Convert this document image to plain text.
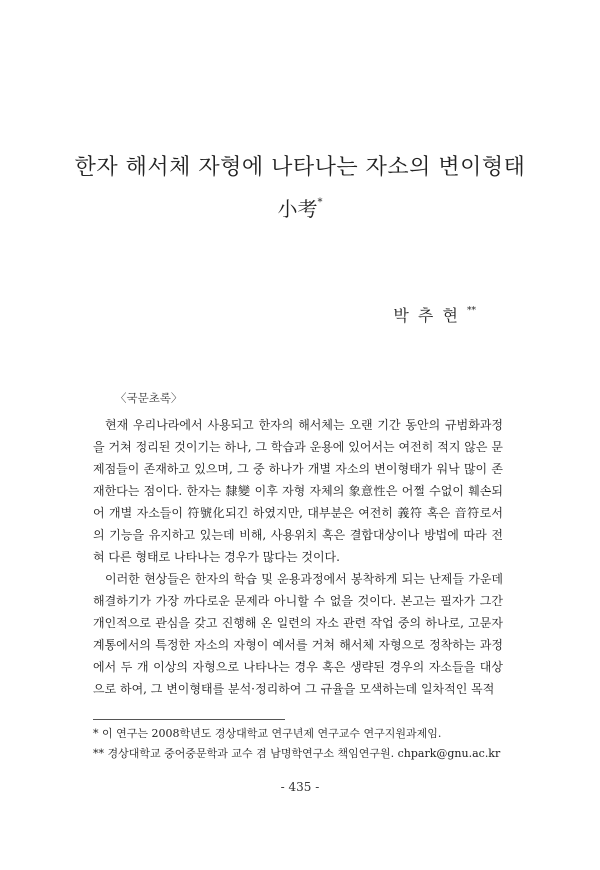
한자 해서체 자형에 나타나는 자소의 변이형태
小考*
박 추 현 **
〈국문초록〉

현재 우리나라에서 사용되고 한자의 해서체는 오랜 기간 동안의 규범화과정을 거쳐 정리된 것이기는 하나, 그 학습과 운용에 있어서는 여전히 적지 않은 문제점들이 존재하고 있으며, 그 중 하나가 개별 자소의 변이형태가 워낙 많이 존재한다는 점이다. 한자는 隸變 이후 자형 자체의 象意性은 어쩔 수없이 훼손되어 개별 자소들이 符號化되긴 하였지만, 대부분은 여전히 義符 혹은 音符로서의 기능을 유지하고 있는데 비해, 사용위치 혹은 결합대상이나 방법에 따라 전혀 다른 형태로 나타나는 경우가 많다는 것이다.

이러한 현상들은 한자의 학습 및 운용과정에서 봉착하게 되는 난제들 가운데 해결하기가 가장 까다로운 문제라 아니할 수 없을 것이다. 본고는 필자가 그간 개인적으로 관심을 갖고 진행해 온 일련의 자소 관련 작업 중의 하나로, 고문자 계통에서의 특정한 자소의 자형이 예서를 거쳐 해서체 자형으로 정착하는 과정에서 두 개 이상의 자형으로 나타나는 경우 혹은 생략된 경우의 자소들을 대상으로 하여, 그 변이형태를 분석·정리하여 그 규율을 모색하는데 일차적인 목적

* 이 연구는 2008학년도 경상대학교 연구년제 연구교수 연구지원과제임.
** 경상대학교 중어중문학과 교수 겸 남명학연구소 책임연구원. chpark@gnu.ac.kr
- 435 -
